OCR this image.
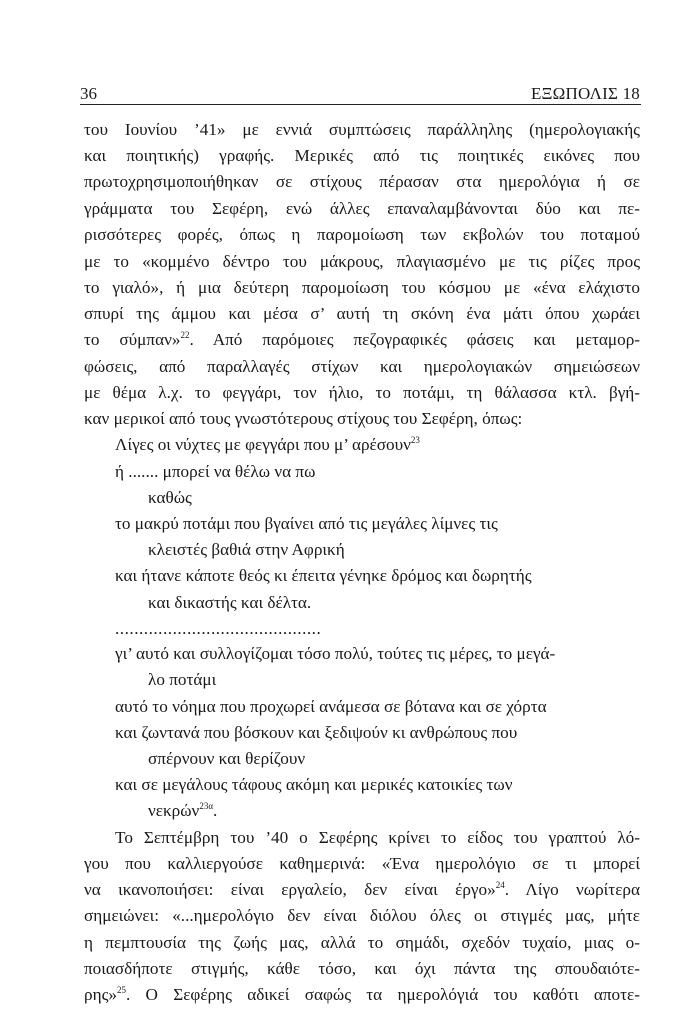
36	ΕΞΩΠΟΛΙΣ 18
του Ιουνίου ’41» με εννιά συμπτώσεις παράλληλης (ημερολογιακής
και ποιητικής) γραφής. Μερικές από τις ποιητικές εικόνες που
πρωτοχρησιμοποιήθηκαν σε στίχους πέρασαν στα ημερολόγια ή σε
γράμματα του Σεφέρη, ενώ άλλες επαναλαμβάνονται δύο και πε-
ρισσότερες φορές, όπως η παρομοίωση των εκβολών του ποταμού
με το «κομμένο δέντρο του μάκρους, πλαγιασμένο με τις ρίζες προς
το γιαλό», ή μια δεύτερη παρομοίωση του κόσμου με «ένα ελάχιστο
σπυρί της άμμου και μέσα σ’ αυτή τη σκόνη ένα μάτι όπου χωράει
το σύμπαν»$^{22}$. Από παρόμοιες πεζογραφικές φάσεις και μεταμορ-
φώσεις, από παραλλαγές στίχων και ημερολογιακών σημειώσεων
με θέμα λ.χ. το φεγγάρι, τον ήλιο, το ποτάμι, τη θάλασσα κτλ. βγή-
καν μερικοί από τους γνωστότερους στίχους του Σεφέρη, όπως:
Λίγες οι νύχτες με φεγγάρι που μ’ αρέσουν$^{23}$
ή ....... μπορεί να θέλω να πω
καθώς
το μακρύ ποτάμι που βγαίνει από τις μεγάλες λίμνες τις
κλειστές βαθιά στην Αφρική
και ήτανε κάποτε θεός κι έπειτα γένηκε δρόμος και δωρητής
και δικαστής και δέλτα.
...........................................
γι’ αυτό και συλλογίζομαι τόσο πολύ, τούτες τις μέρες, το μεγά-
λο ποτάμι
αυτό το νόημα που προχωρεί ανάμεσα σε βότανα και σε χόρτα
και ζωντανά που βόσκουν και ξεδιψούν κι ανθρώπους που
σπέρνουν και θερίζουν
και σε μεγάλους τάφους ακόμη και μερικές κατοικίες των
νεκρών$^{23\alpha}$.
Το Σεπτέμβρη του ’40 ο Σεφέρης κρίνει το είδος του γραπτού λό-
γου που καλλιεργούσε καθημερινά: «Ένα ημερολόγιο σε τι μπορεί
να ικανοποιήσει: είναι εργαλείο, δεν είναι έργο»$^{24}$. Λίγο νωρίτερα
σημειώνει: «...ημερολόγιο δεν είναι διόλου όλες οι στιγμές μας, μήτε
η πεμπτουσία της ζωής μας, αλλά το σημάδι, σχεδόν τυχαίο, μιας ο-
ποιασδήποτε στιγμής, κάθε τόσο, και όχι πάντα της σπουδαιότε-
ρης»$^{25}$. Ο Σεφέρης αδικεί σαφώς τα ημερολόγιά του καθότι αποτε-
